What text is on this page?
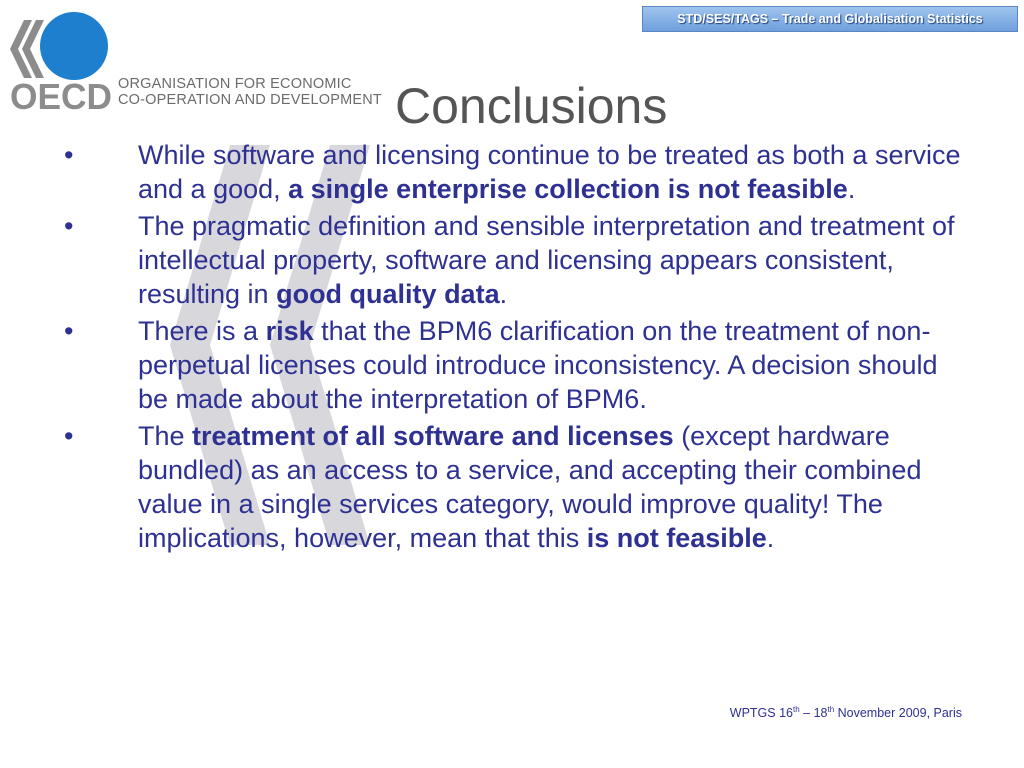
STD/SES/TAGS – Trade and Globalisation Statistics
OECD ORGANISATION FOR ECONOMIC
CO-OPERATION AND DEVELOPMENT Conclusions
• While software and licensing continue to be treated as both a service and a good, a single enterprise collection is not feasible.
• The pragmatic definition and sensible interpretation and treatment of intellectual property, software and licensing appears consistent, resulting in good quality data.
• There is a risk that the BPM6 clarification on the treatment of non-perpetual licenses could introduce inconsistency. A decision should be made about the interpretation of BPM6.
• The treatment of all software and licenses (except hardware bundled) as an access to a service, and accepting their combined value in a single services category, would improve quality! The implications, however, mean that this is not feasible.
WPTGS 16th – 18th November 2009, Paris
